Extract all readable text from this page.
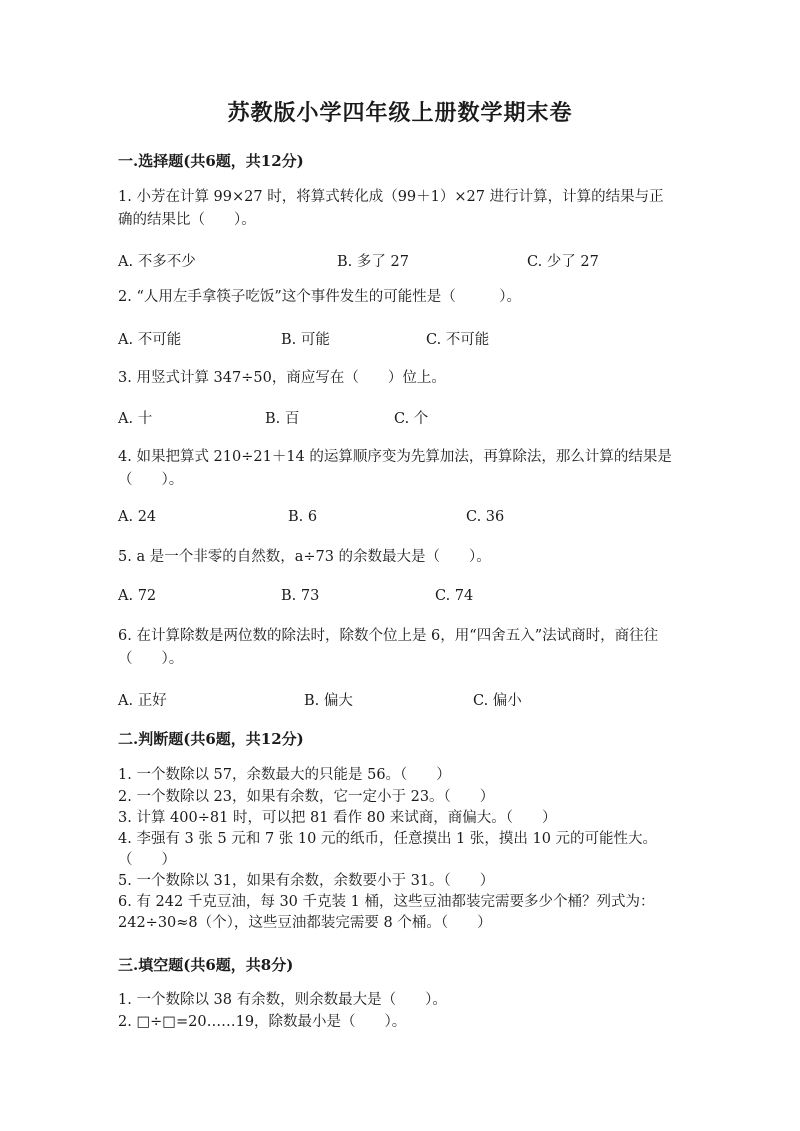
苏教版小学四年级上册数学期末卷
一.选择题(共6题，共12分)
1. 小芳在计算 99×27 时，将算式转化成（99＋1）×27 进行计算，计算的结果与正确的结果比（　　）。
A. 不多不少	B. 多了 27	C. 少了 27
2. “人用左手拿筷子吃饭”这个事件发生的可能性是（　　　）。
A. 不可能	B. 可能	C. 不可能
3. 用竖式计算 347÷50，商应写在（　　）位上。
A. 十	B. 百	C. 个
4. 如果把算式 210÷21＋14 的运算顺序变为先算加法，再算除法，那么计算的结果是（　　）。
A. 24	B. 6	C. 36
5. a 是一个非零的自然数，a÷73 的余数最大是（　　）。
A. 72	B. 73	C. 74
6. 在计算除数是两位数的除法时，除数个位上是 6，用“四舍五入”法试商时，商往往（　　）。
A. 正好	B. 偏大	C. 偏小
二.判断题(共6题，共12分)
1. 一个数除以 57，余数最大的只能是 56。（　　）
2. 一个数除以 23，如果有余数，它一定小于 23。（　　）
3. 计算 400÷81 时，可以把 81 看作 80 来试商，商偏大。（　　）
4. 李强有 3 张 5 元和 7 张 10 元的纸币，任意摸出 1 张，摸出 10 元的可能性大。　　（　　）
5. 一个数除以 31，如果有余数，余数要小于 31。（　　）
6. 有 242 千克豆油，每 30 千克装 1 桶，这些豆油都装完需要多少个桶？列式为：242÷30≈8（个），这些豆油都装完需要 8 个桶。（　　）
三.填空题(共6题，共8分)
1. 一个数除以 38 有余数，则余数最大是（　　）。
2. □÷□=20……19，除数最小是（　　）。
